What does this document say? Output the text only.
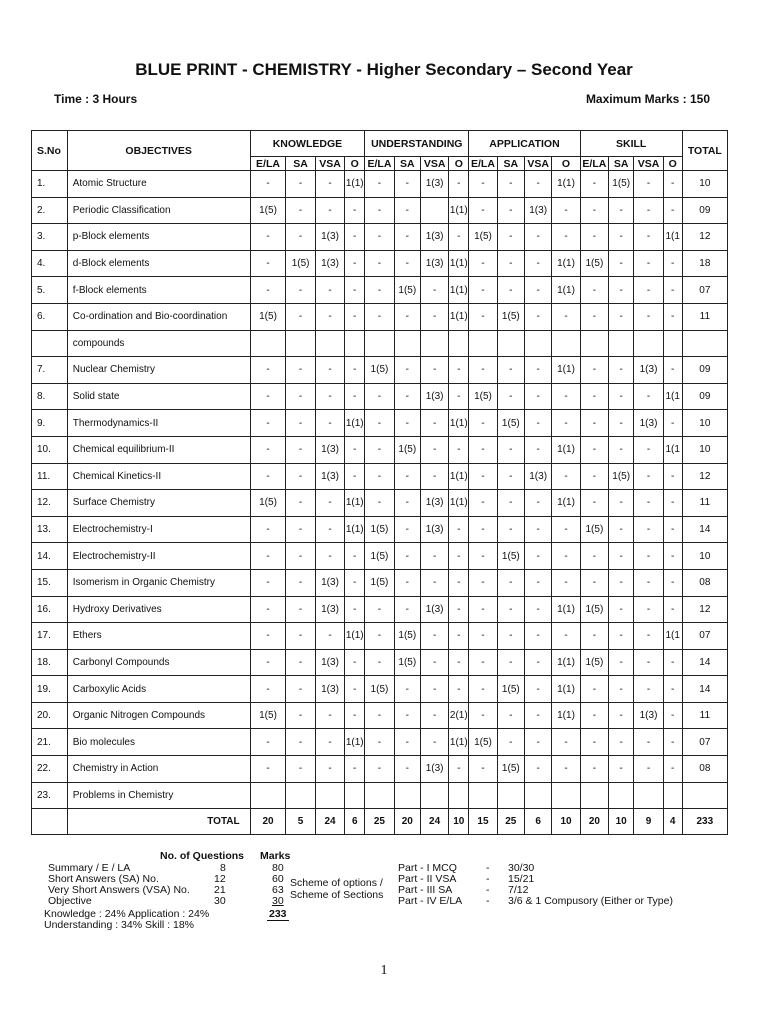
BLUE PRINT - CHEMISTRY - Higher Secondary – Second Year
Time : 3 Hours	Maximum Marks : 150
S.No	OBJECTIVES	KNOWLEDGE				UNDERSTANDING				APPLICATION				SKILL				TOTAL
		E/LA	SA	VSA	O	E/LA	SA	VSA	O	E/LA	SA	VSA	O	E/LA	SA	VSA	O	
1.	Atomic Structure	-	-	-	1(1)	-	-	1(3)	-	-	-	-	1(1)	-	1(5)	-	-	10
2.	Periodic Classification	1(5)	-	-	-	-	-		1(1)	-	-	1(3)	-	-	-	-	-	09
3.	p-Block elements	-	-	1(3)	-	-	-	1(3)	-	1(5)	-	-	-	-	-	-	1(1	12
4.	d-Block elements	-	1(5)	1(3)	-	-	-	1(3)	1(1)	-	-	-	1(1)	1(5)	-	-	-	18
5.	f-Block elements	-	-	-	-	-	1(5)	-	1(1)	-	-	-	1(1)	-	-	-	-	07
6.	Co-ordination and Bio-coordination	1(5)	-	-	-	-	-	-	1(1)	-	1(5)	-	-	-	-	-	-	11
	compounds																	
7.	Nuclear Chemistry	-	-	-	-	1(5)	-	-	-	-	-	-	1(1)	-	-	1(3)	-	09
8.	Solid state	-	-	-	-	-	-	1(3)	-	1(5)	-	-	-	-	-	-	1(1	09
9.	Thermodynamics-II	-	-	-	1(1)	-	-	-	1(1)	-	1(5)	-	-	-	-	1(3)	-	10
10.	Chemical equilibrium-II	-	-	1(3)	-	-	1(5)	-	-	-	-	-	1(1)	-	-	-	1(1	10
11.	Chemical Kinetics-II	-	-	1(3)	-	-	-	-	1(1)	-	-	1(3)	-	-	1(5)	-	-	12
12.	Surface Chemistry	1(5)	-	-	1(1)	-	-	1(3)	1(1)	-	-	-	1(1)	-	-	-	-	11
13.	Electrochemistry-I	-	-	-	1(1)	1(5)	-	1(3)	-	-	-	-	-	1(5)	-	-	-	14
14.	Electrochemistry-II	-	-	-	-	1(5)	-	-	-	-	1(5)	-	-	-	-	-	-	10
15.	Isomerism in Organic Chemistry	-	-	1(3)	-	1(5)	-	-	-	-	-	-	-	-	-	-	-	08
16.	Hydroxy Derivatives	-	-	1(3)	-	-	-	1(3)	-	-	-	-	1(1)	1(5)	-	-	-	12
17.	Ethers	-	-	-	1(1)	-	1(5)	-	-	-	-	-	-	-	-	-	1(1	07
18.	Carbonyl Compounds	-	-	1(3)	-	-	1(5)	-	-	-	-	-	1(1)	1(5)	-	-	-	14
19.	Carboxylic Acids	-	-	1(3)	-	1(5)	-	-	-	-	1(5)	-	1(1)	-	-	-	-	14
20.	Organic Nitrogen Compounds	1(5)	-	-	-	-	-	-	2(1)	-	-	-	1(1)	-	-	1(3)	-	11
21.	Bio molecules	-	-	-	1(1)	-	-	-	1(1)	1(5)	-	-	-	-	-	-	-	07
22.	Chemistry in Action	-	-	-	-	-	-	1(3)	-	-	1(5)	-	-	-	-	-	-	08
23.	Problems in Chemistry																	
	TOTAL	20	5	24	6	25	20	24	10	15	25	6	10	20	10	9	4	233
No. of Questions Marks
Summary / E / LA	8	80
Short Answers (SA) No.	12	60
Very Short Answers (VSA) No. 21	63
Objective	30	30
Knowledge : 24% Application : 24%	233
Understanding : 34% Skill : 18%
Scheme of options /
Scheme of Sections
Part - I MCQ	- 30/30
Part - II VSA	- 15/21
Part - III SA	- 7/12
Part - IV E/LA - 3/6 & 1 Compusory (Either or Type)
1
